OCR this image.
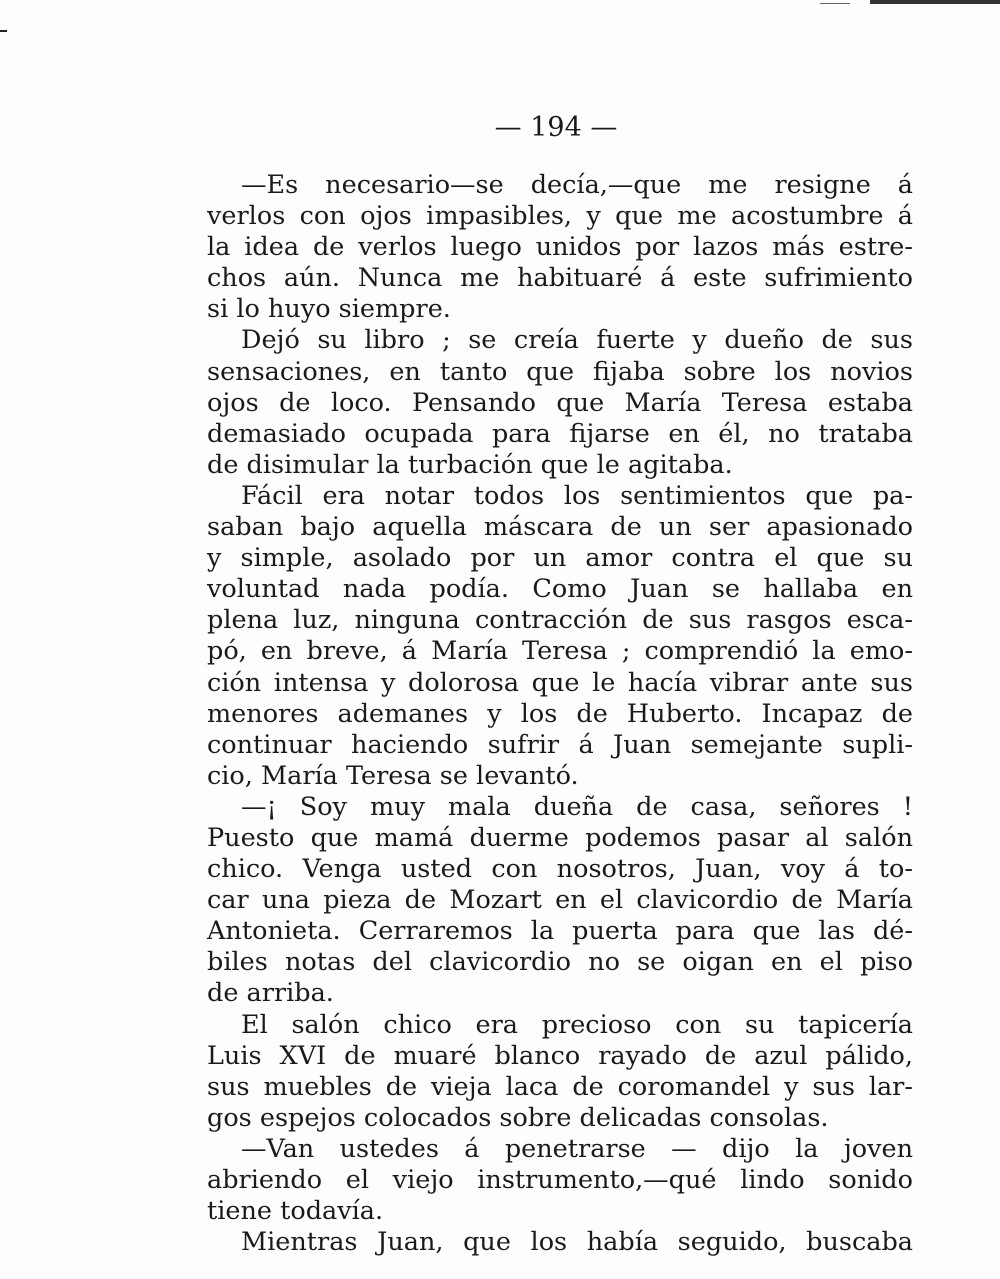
— 194 —
—Es necesario—se decía,—que me resigne á
verlos con ojos impasibles, y que me acostumbre á
la idea de verlos luego unidos por lazos más estre-
chos aún. Nunca me habituaré á este sufrimiento
si lo huyo siempre.
Dejó su libro ; se creía fuerte y dueño de sus
sensaciones, en tanto que fijaba sobre los novios
ojos de loco. Pensando que María Teresa estaba
demasiado ocupada para fijarse en él, no trataba
de disimular la turbación que le agitaba.
Fácil era notar todos los sentimientos que pa-
saban bajo aquella máscara de un ser apasionado
y simple, asolado por un amor contra el que su
voluntad nada podía. Como Juan se hallaba en
plena luz, ninguna contracción de sus rasgos esca-
pó, en breve, á María Teresa ; comprendió la emo-
ción intensa y dolorosa que le hacía vibrar ante sus
menores ademanes y los de Huberto. Incapaz de
continuar haciendo sufrir á Juan semejante supli-
cio, María Teresa se levantó.
—¡ Soy muy mala dueña de casa, señores !
Puesto que mamá duerme podemos pasar al salón
chico. Venga usted con nosotros, Juan, voy á to-
car una pieza de Mozart en el clavicordio de María
Antonieta. Cerraremos la puerta para que las dé-
biles notas del clavicordio no se oigan en el piso
de arriba.
El salón chico era precioso con su tapicería
Luis XVI de muaré blanco rayado de azul pálido,
sus muebles de vieja laca de coromandel y sus lar-
gos espejos colocados sobre delicadas consolas.
—Van ustedes á penetrarse — dijo la joven
abriendo el viejo instrumento,—qué lindo sonido
tiene todavía.
Mientras Juan, que los había seguido, buscaba
